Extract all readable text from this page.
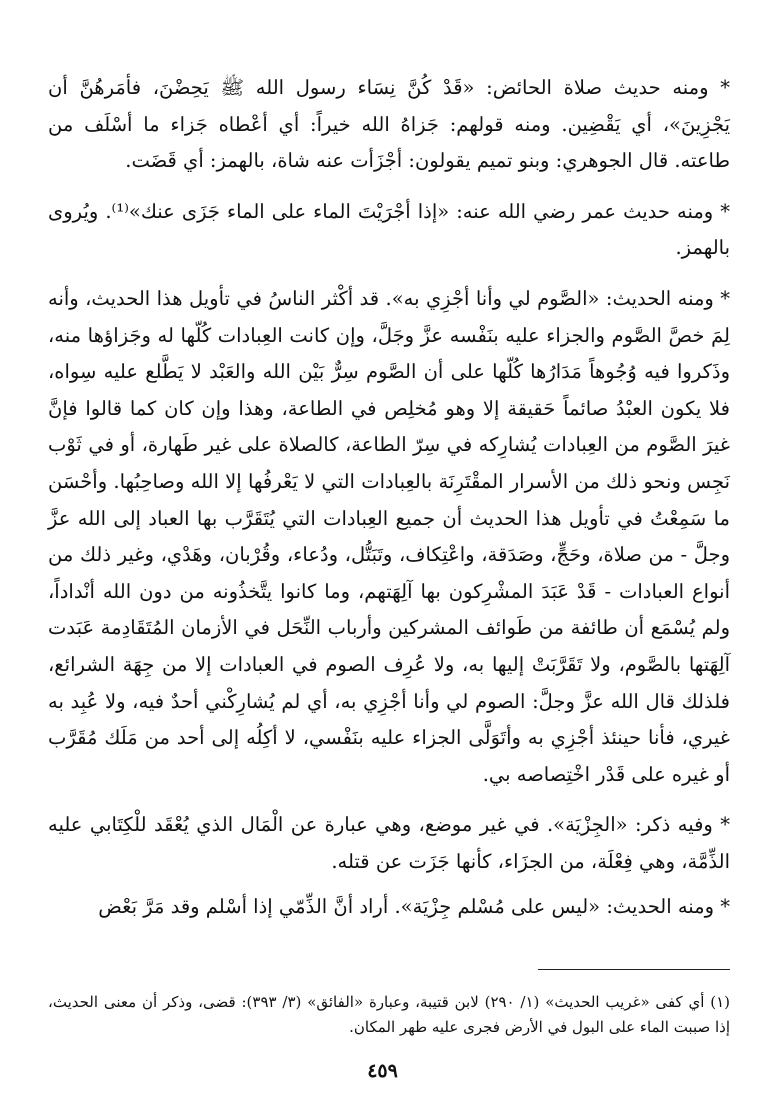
* ومنه حديث صلاة الحائض: «قَدْ كُنَّ نِسَاء رسول الله ﷺ يَحِضْنَ، فأمَرهُنَّ أن يَجْزِينَ»، أي يَقْضِين. ومنه قولهم: جَزاهُ الله خيراً: أي أعْطاه جَزاء ما أسْلَف من طاعته. قال الجوهري: وبنو تميم يقولون: أجْزَأت عنه شاة، بالهمز: أي قَضَت.

* ومنه حديث عمر رضي الله عنه: «إذا أجْرَيْتَ الماء على الماء جَزَى عنك»⁽¹⁾. ويُروى بالهمز.

* ومنه الحديث: «الصَّوم لي وأنا أجْزِي به». قد أكْثر الناسُ في تأويل هذا الحديث، وأنه لِمَ خصَّ الصَّوم والجزاء عليه بنَفْسه عزَّ وجَلَّ، وإن كانت العِبادات كُلّها له وجَزاؤها منه، وذَكروا فيه وُجُوهاً مَدَارُها كُلّها على أن الصَّوم سِرٌّ بَيْن الله والعَبْد لا يَطَّلع عليه سِواه، فلا يكون العبْدُ صائماً حَقيقة إلا وهو مُخلِص في الطاعة، وهذا وإن كان كما قالوا فإنَّ غيرَ الصَّوم من العِبادات يُشارِكه في سِرّ الطاعة، كالصلاة على غير طَهارة، أو في ثَوْب نَجِس ونحو ذلك من الأسرار المقْتَرِنَة بالعِبادات التي لا يَعْرفُها إلا الله وصاحِبُها. وأحْسَن ما سَمِعْتُ في تأويل هذا الحديث أن جميع العِبادات التي يُتَقَرَّب بها العباد إلى الله عزَّ وجلَّ - من صلاة، وحَجٍّ، وصَدَقة، واعْتِكاف، وتَبَتُّل، ودُعاء، وقُرْبان، وهَدْي، وغير ذلك من أنواع العبادات - قَدْ عَبَدَ المشْرِكون بها آلِهَتهم، وما كانوا يتَّخذُونه من دون الله أنْداداً، ولم يُسْمَع أن طائفة من طَوائف المشركين وأرباب النِّحَل في الأزمان المُتَقَادِمة عَبَدت آلِهَتها بالصَّوم، ولا تَقَرَّبَتْ إليها به، ولا عُرِف الصوم في العبادات إلا من جِهَة الشرائع، فلذلك قال الله عزَّ وجلَّ: الصوم لي وأنا أجْزِي به، أي لم يُشارِكْني أحدٌ فيه، ولا عُبِد به غيري، فأنا حينئذ أجْزِي به وأتَوَلَّى الجزاء عليه بنَفْسي، لا أكِلُه إلى أحد من مَلَك مُقَرَّب أو غيره على قَدْر اخْتِصاصه بي.

* وفيه ذكر: «الجِزْيَة». في غير موضع، وهي عبارة عن الْمَال الذي يُعْقَد للْكِتَابي عليه الذِّمَّة، وهي فِعْلَة، من الجزَاء، كأنها جَزَت عن قتله.

* ومنه الحديث: «ليس على مُسْلم جِزْيَة». أراد أنَّ الذِّمّي إذا أسْلم وقد مَرَّ بَعْض

(١) أي كفى «غريب الحديث» (١/ ٢٩٠) لابن قتيبة، وعبارة «الفائق» (٣/ ٣٩٣): قضى، وذكر أن معنى الحديث، إذا صببت الماء على البول في الأرض فجرى عليه طهر المكان.
٤٥٩
